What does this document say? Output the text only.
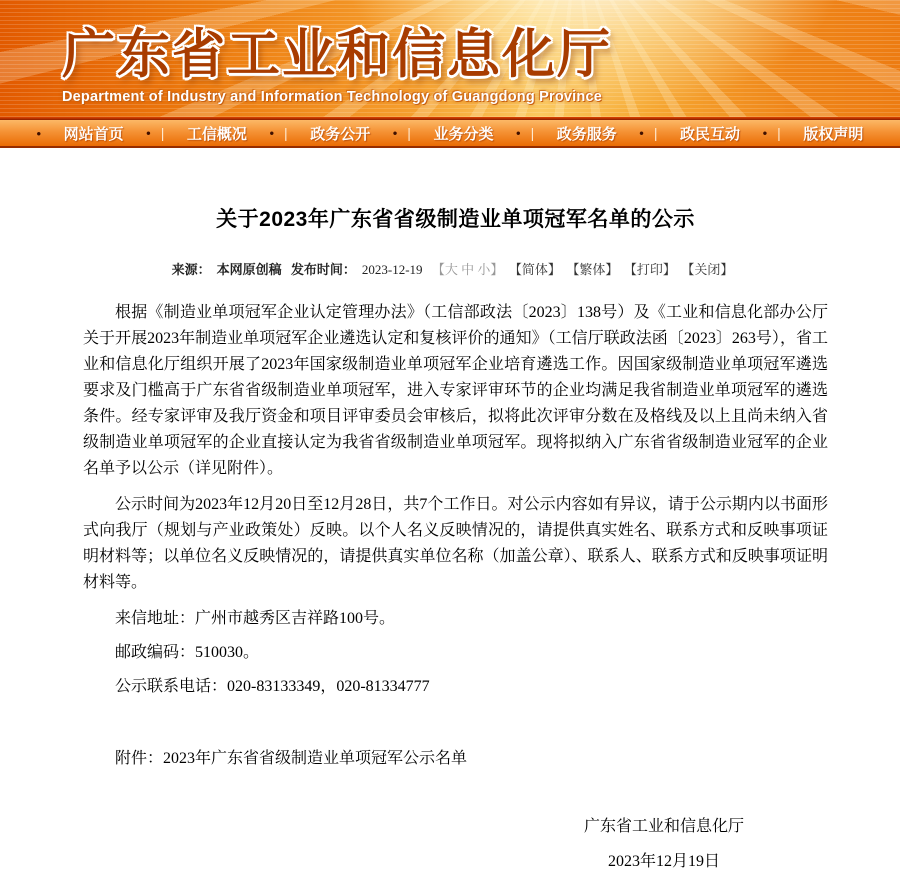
广东省工业和信息化厅
Department of Industry and Information Technology of Guangdong Province
• 网站首页 • | 工信概况 • | 政务公开 • | 业务分类 • | 政务服务 • | 政民互动 • | 版权声明
关于2023年广东省省级制造业单项冠军名单的公示
来源： 本网原创稿 发布时间： 2023-12-19 【大 中 小】 【简体】 【繁体】 【打印】 【关闭】

根据《制造业单项冠军企业认定管理办法》（工信部政法〔2023〕138号）及《工业和信息化部办公厅关于开展2023年制造业单项冠军企业遴选认定和复核评价的通知》（工信厅联政法函〔2023〕263号），省工业和信息化厅组织开展了2023年国家级制造业单项冠军企业培育遴选工作。因国家级制造业单项冠军遴选要求及门槛高于广东省省级制造业单项冠军，进入专家评审环节的企业均满足我省制造业单项冠军的遴选条件。经专家评审及我厅资金和项目评审委员会审核后，拟将此次评审分数在及格线及以上且尚未纳入省级制造业单项冠军的企业直接认定为我省省级制造业单项冠军。现将拟纳入广东省省级制造业冠军的企业名单予以公示（详见附件）。

公示时间为2023年12月20日至12月28日，共7个工作日。对公示内容如有异议，请于公示期内以书面形式向我厅（规划与产业政策处）反映。以个人名义反映情况的，请提供真实姓名、联系方式和反映事项证明材料等；以单位名义反映情况的，请提供真实单位名称（加盖公章）、联系人、联系方式和反映事项证明材料等。

来信地址：广州市越秀区吉祥路100号。

邮政编码：510030。

公示联系电话：020-83133349，020-81334777

附件：2023年广东省省级制造业单项冠军公示名单

广东省工业和信息化厅
2023年12月19日
